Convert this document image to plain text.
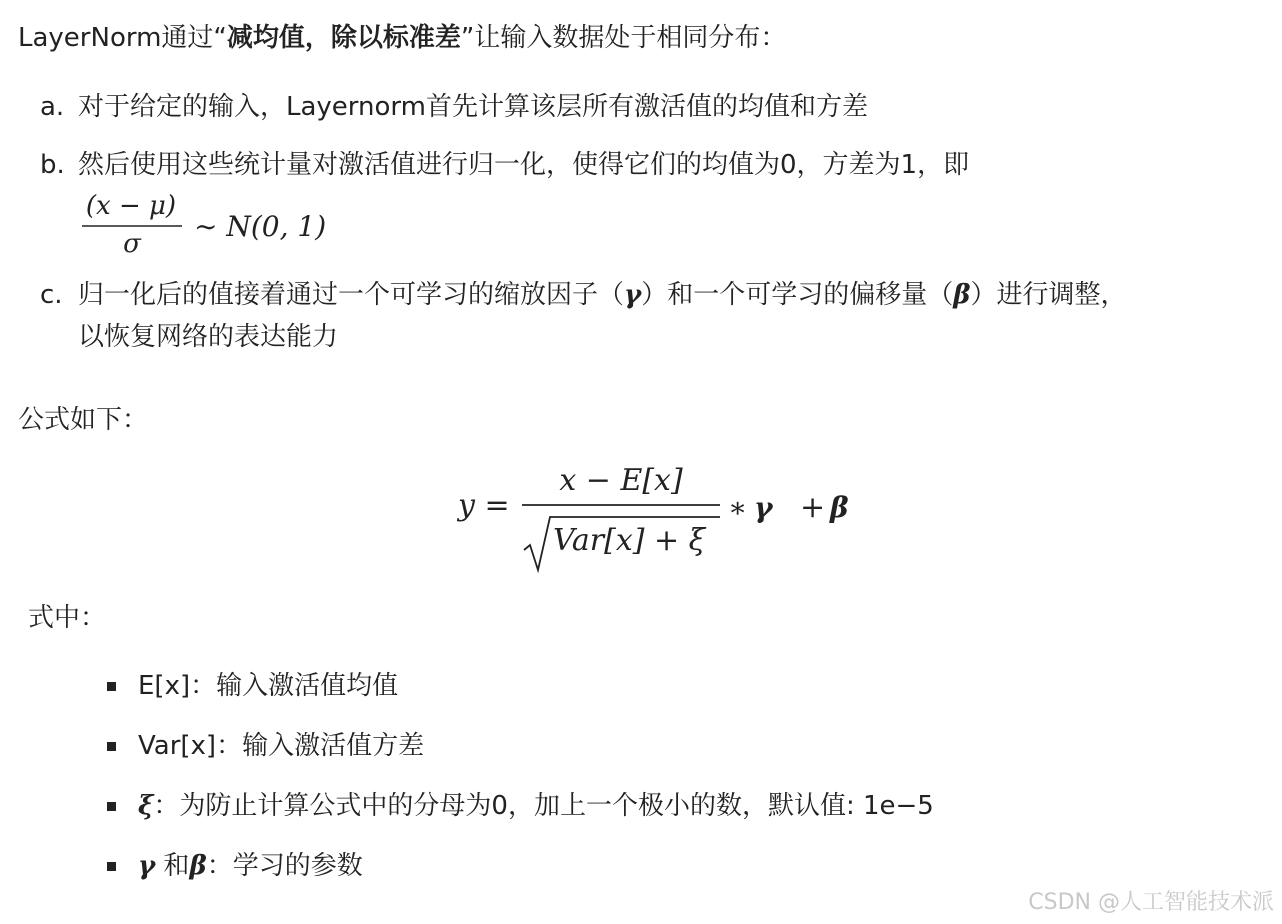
LayerNorm通过“减均值，除以标准差”让输入数据处于相同分布：
a. 对于给定的输入，Layernorm首先计算该层所有激活值的均值和方差
b. 然后使用这些统计量对激活值进行归一化，使得它们的均值为0，方差为1，即
(x − μ)
σ
∼ N(0, 1)
c. 归一化后的值接着通过一个可学习的缩放因子（γ）和一个可学习的偏移量（β）进行调整，
以恢复网络的表达能力
公式如下：
y =
x − E[x]
Var[x] + ξ
∗ γ + β
式中：
E[x]：输入激活值均值
Var[x]：输入激活值方差
ξ：为防止计算公式中的分母为0，加上一个极小的数，默认值: 1e−5
γ 和β：学习的参数
CSDN @人工智能技术派
